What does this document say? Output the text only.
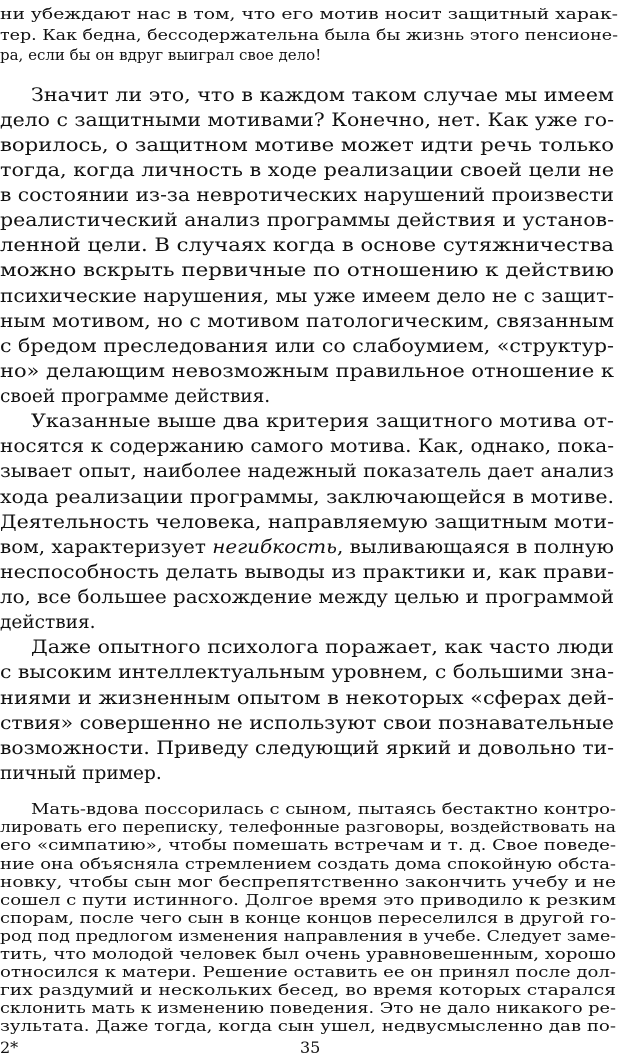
ни убеждают нас в том, что его мотив носит защитный харак-
тер. Как бедна, бессодержательна была бы жизнь этого пенсионе-
ра, если бы он вдруг выиграл свое дело!
Значит ли это, что в каждом таком случае мы имеем
дело с защитными мотивами? Конечно, нет. Как уже го-
ворилось, о защитном мотиве может идти речь только
тогда, когда личность в ходе реализации своей цели не
в состоянии из-за невротических нарушений произвести
реалистический анализ программы действия и установ-
ленной цели. В случаях когда в основе сутяжничества
можно вскрыть первичные по отношению к действию
психические нарушения, мы уже имеем дело не с защит-
ным мотивом, но с мотивом патологическим, связанным
с бредом преследования или со слабоумием, «структур-
но» делающим невозможным правильное отношение к
своей программе действия.
Указанные выше два критерия защитного мотива от-
носятся к содержанию самого мотива. Как, однако, пока-
зывает опыт, наиболее надежный показатель дает анализ
хода реализации программы, заключающейся в мотиве.
Деятельность человека, направляемую защитным моти-
вом, характеризует негибкость, выливающаяся в полную
неспособность делать выводы из практики и, как прави-
ло, все большее расхождение между целью и программой
действия.
Даже опытного психолога поражает, как часто люди
с высоким интеллектуальным уровнем, с большими зна-
ниями и жизненным опытом в некоторых «сферах дей-
ствия» совершенно не используют свои познавательные
возможности. Приведу следующий яркий и довольно ти-
пичный пример.
Мать-вдова поссорилась с сыном, пытаясь бестактно контро-
лировать его переписку, телефонные разговоры, воздействовать на
его «симпатию», чтобы помешать встречам и т. д. Свое поведе-
ние она объясняла стремлением создать дома спокойную обста-
новку, чтобы сын мог беспрепятственно закончить учебу и не
сошел с пути истинного. Долгое время это приводило к резким
спорам, после чего сын в конце концов переселился в другой го-
род под предлогом изменения направления в учебе. Следует заме-
тить, что молодой человек был очень уравновешенным, хорошо
относился к матери. Решение оставить ее он принял после дол-
гих раздумий и нескольких бесед, во время которых старался
склонить мать к изменению поведения. Это не дало никакого ре-
зультата. Даже тогда, когда сын ушел, недвусмысленно дав по-
2*	35
